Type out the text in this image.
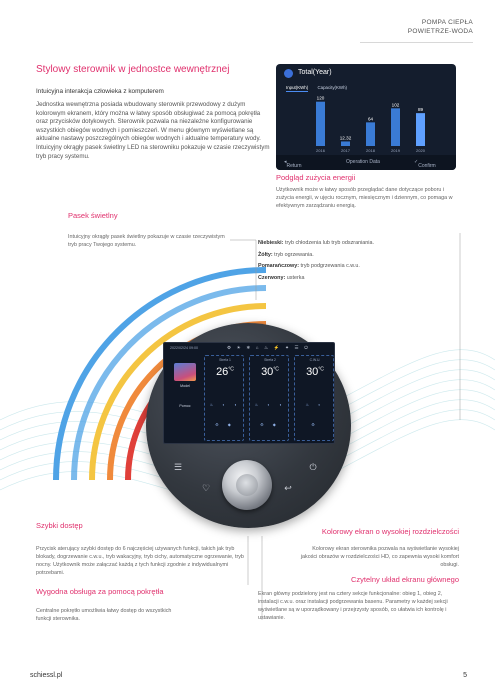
POMPA CIEPŁA
POWIETRZE-WODA
Stylowy sterownik w jednostce wewnętrznej
Intuicyjna interakcja człowieka z komputerem
Jednostka wewnętrzna posiada wbudowany sterownik przewodowy z dużym kolorowym ekranem, który można w łatwy sposób obsługiwać za pomocą pokrętła oraz przycisków dotykowych. Sterownik pozwala na niezależne konfigurowanie wszystkich obiegów wodnych i pomieszczeń. W menu głównym wyświetlane są aktualne nastawy poszczególnych obiegów wodnych i aktualne temperatury wody. Intuicyjny okrągły pasek świetlny LED na sterowniku pokazuje w czasie rzeczywistym tryb pracy systemu.
Total(Year)
Input(KWh) Capacity(KWh)
120
2016
12.32
2017
64
2018
102
2019
89
2020
◂
Return
Operation Data	✓
Confirm
Podgląd zużycia energii
Użytkownik może w łatwy sposób przeglądać dane dotyczące poboru i zużycia energii, w ujęciu rocznym, miesięcznym i dziennym, co pomaga w efektywnym zarządzaniu energią.
Pasek świetlny
Intuicyjny okrągły pasek świetlny pokazuje w czasie rzeczywistym tryb pracy Twojego systemu.	Niebieski: tryb chłodzenia lub tryb odszraniania.
Żółty: tryb ogrzewania.
Pomarańczowy: tryb podgrzewania c.w.u.
Czerwony: usterka
2022/02/24 09:00	⚙ ☀ ❄ ⌂ ♨ ⚡ ✦ ☰ ⏻
Model
Pomoc
Strefa 1
$26^{^\circ C}$
♨ ◐ ◑
⚙ ◆
Strefa 2
$30^{^\circ C}$
♨ ◐ ◑
⚙ ◆
C.W.U.
$30^{^\circ C}$
♨ ◐
⚙
☰
♡
⏻
↩
Szybki dostęp
Przycisk aterujący szybki dostęp do 6 najczęściej używanych funkcji, takich jak tryb blokady, dogrzewanie c.w.u., tryb wakacyjny, tryb cichy, automatyczne ogrzewanie, tryb nocny. Użytkownik może załączać każdą z tych funkcji zgodnie z indywidualnymi potrzebami.
Wygodna obsługa za pomocą pokrętła
Centralne pokrętło umożliwia łatwy dostęp do wszystkich funkcji sterownika.
Kolorowy ekran o wysokiej rozdzielczości
Kolorowy ekran sterownika pozwala na wyświetlanie wysokiej jakości obrazów w rozdzielczości HD, co zapewnia wysoki komfort obsługi.
Czytelny układ ekranu głównego
Ekran główny podzielony jest na cztery sekcje funkcjonalne: obieg 1, obieg 2, instalacji c.w.u. oraz instalacji podgrzewania basenu. Parametry w każdej sekcji wyświetlane są w uporządkowany i przejrzysty sposób, co ułatwia ich kontrolę i ustawianie.
schiessl.pl	5
